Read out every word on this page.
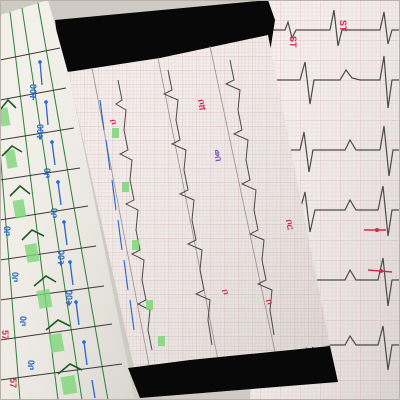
ST
ST
00ት
00ቅ
0ቦ
0ቦ
00ቅ
00ቅ
0ቦ
0ቦ
0ቦ
0ቦ
57
57
ወበ
ቦር
ቦሸ
ቦ
ቦ
ቦ
